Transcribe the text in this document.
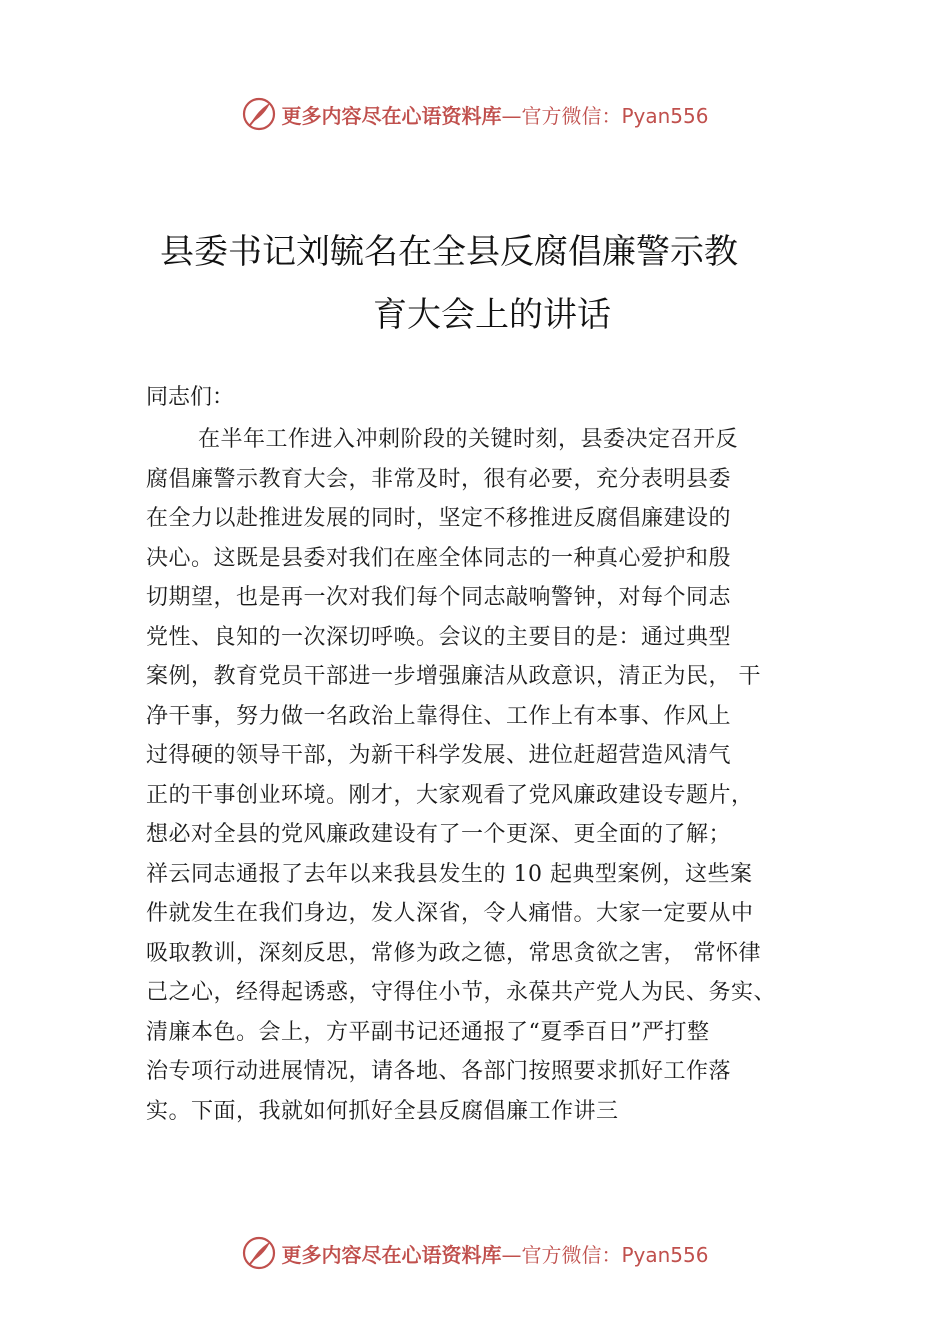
更多内容尽在心语资料库 —官方微信：Pyan556
县委书记刘毓名在全县反腐倡廉警示教
育大会上的讲话
同志们：
在半年工作进入冲刺阶段的关键时刻，县委决定召开反
腐倡廉警示教育大会，非常及时，很有必要，充分表明县委
在全力以赴推进发展的同时，坚定不移推进反腐倡廉建设的
决心。这既是县委对我们在座全体同志的一种真心爱护和殷
切期望，也是再一次对我们每个同志敲响警钟，对每个同志
党性、良知的一次深切呼唤。会议的主要目的是：通过典型
案例，教育党员干部进一步增强廉洁从政意识，清正为民， 干
净干事，努力做一名政治上靠得住、工作上有本事、作风上
过得硬的领导干部，为新干科学发展、进位赶超营造风清气
正的干事创业环境。刚才，大家观看了党风廉政建设专题片，
想必对全县的党风廉政建设有了一个更深、更全面的了解；
祥云同志通报了去年以来我县发生的 10 起典型案例，这些案
件就发生在我们身边，发人深省，令人痛惜。大家一定要从中
吸取教训，深刻反思，常修为政之德，常思贪欲之害， 常怀律
己之心，经得起诱惑，守得住小节，永葆共产党人为民、务实、
清廉本色。会上，方平副书记还通报了“夏季百日”严打整
治专项行动进展情况，请各地、各部门按照要求抓好工作落
实。下面，我就如何抓好全县反腐倡廉工作讲三
更多内容尽在心语资料库 —官方微信：Pyan556
